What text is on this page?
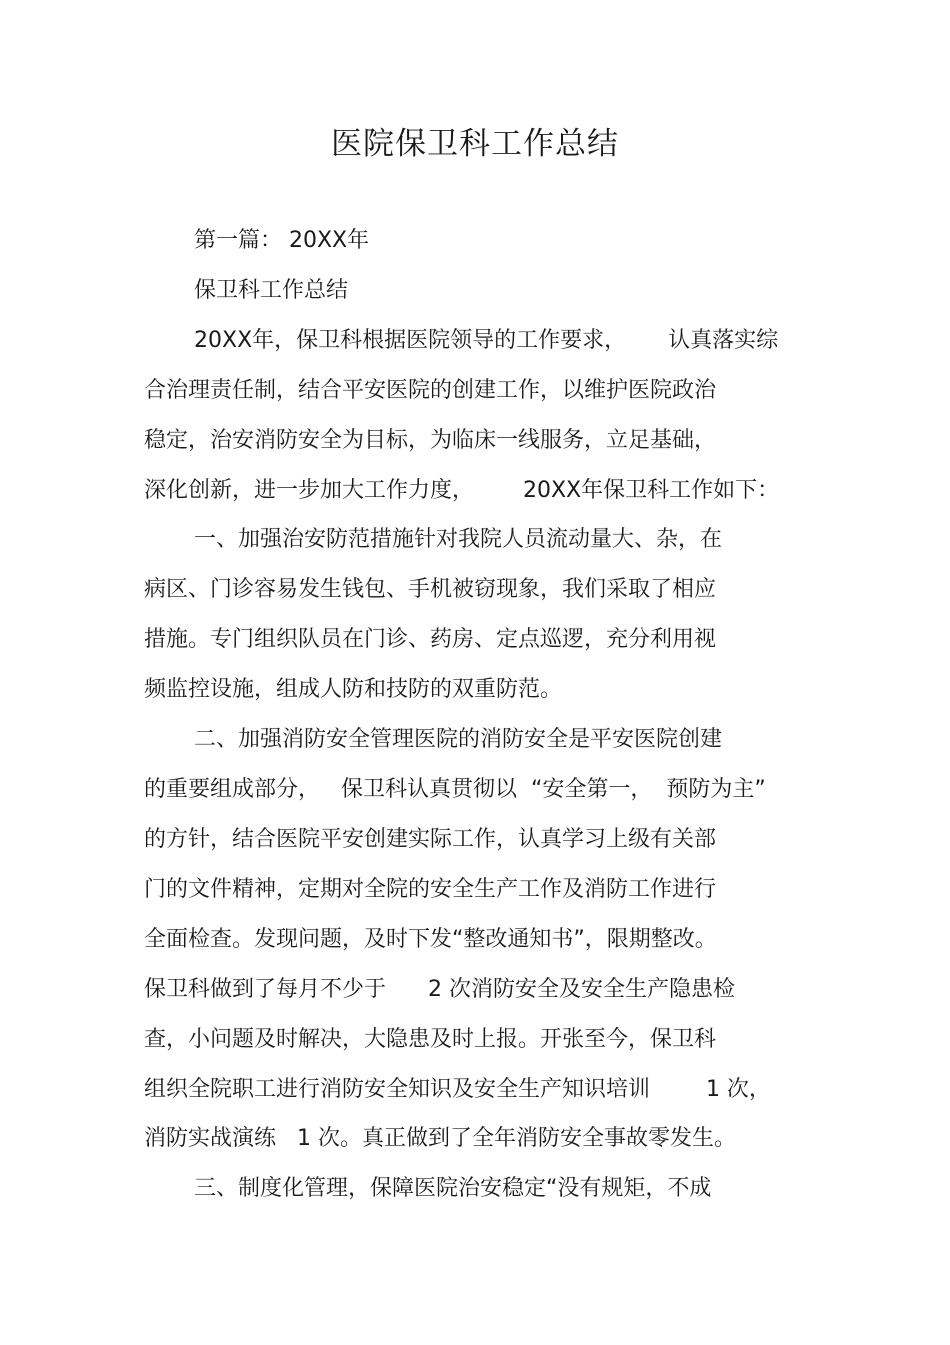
医院保卫科工作总结

第一篇： 20XX年

保卫科工作总结

20XX年，保卫科根据医院领导的工作要求，      认真落实综

合治理责任制，结合平安医院的创建工作，以维护医院政治

稳定，治安消防安全为目标，为临床一线服务，立足基础，

深化创新，进一步加大工作力度，       20XX年保卫科工作如下：

一、加强治安防范措施针对我院人员流动量大、杂，在

病区、门诊容易发生钱包、手机被窃现象，我们采取了相应

措施。专门组织队员在门诊、药房、定点巡逻，充分利用视

频监控设施，组成人防和技防的双重防范。

二、加强消防安全管理医院的消防安全是平安医院创建

的重要组成部分，   保卫科认真贯彻以  “安全第一，  预防为主”

的方针，结合医院平安创建实际工作，认真学习上级有关部

门的文件精神，定期对全院的安全生产工作及消防工作进行

全面检查。发现问题，及时下发“整改通知书”，限期整改。

保卫科做到了每月不少于      2 次消防安全及安全生产隐患检

查，小问题及时解决，大隐患及时上报。开张至今，保卫科

组织全院职工进行消防安全知识及安全生产知识培训        1 次，

消防实战演练   1 次。真正做到了全年消防安全事故零发生。

三、制度化管理，保障医院治安稳定“没有规矩，不成
